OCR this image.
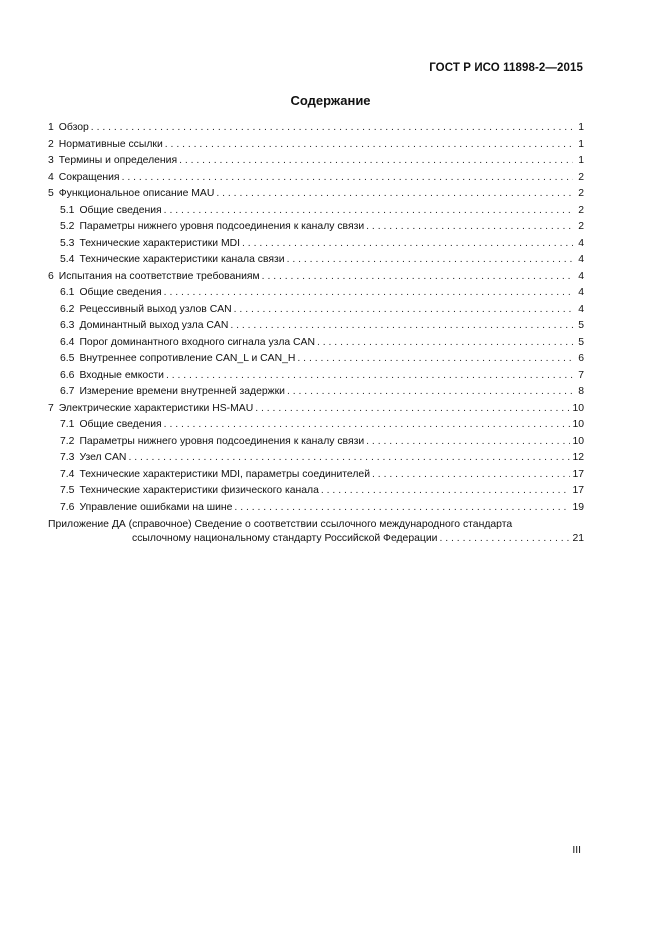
ГОСТ Р ИСО 11898-2—2015
Содержание
1 Обзор . . .	1
2 Нормативные ссылки . . .	1
3 Термины и определения . . .	1
4 Сокращения . . .	2
5 Функциональное описание MAU . . .	2
5.1 Общие сведения . . .	2
5.2 Параметры нижнего уровня подсоединения к каналу связи . . .	2
5.3 Технические характеристики MDI . . .	4
5.4 Технические характеристики канала связи . . .	4
6 Испытания на соответствие требованиям . . .	4
6.1 Общие сведения . . .	4
6.2 Рецессивный выход узлов CAN . . .	4
6.3 Доминантный выход узла CAN . . .	5
6.4 Порог доминантного входного сигнала узла CAN . . .	5
6.5 Внутреннее сопротивление CAN_L и CAN_H . . .	6
6.6 Входные емкости . . .	7
6.7 Измерение времени внутренней задержки . . .	8
7 Электрические характеристики HS-MAU . . .	10
7.1 Общие сведения . . .	10
7.2 Параметры нижнего уровня подсоединения к каналу связи . . .	10
7.3 Узел CAN . . .	12
7.4 Технические характеристики MDI, параметры соединителей . . .	17
7.5 Технические характеристики физического канала . . .	17
7.6 Управление ошибками на шине . . .	19
Приложение ДА (справочное) Сведение о соответствии ссылочного международного стандарта
ссылочному национальному стандарту Российской Федерации . . .	21
III
